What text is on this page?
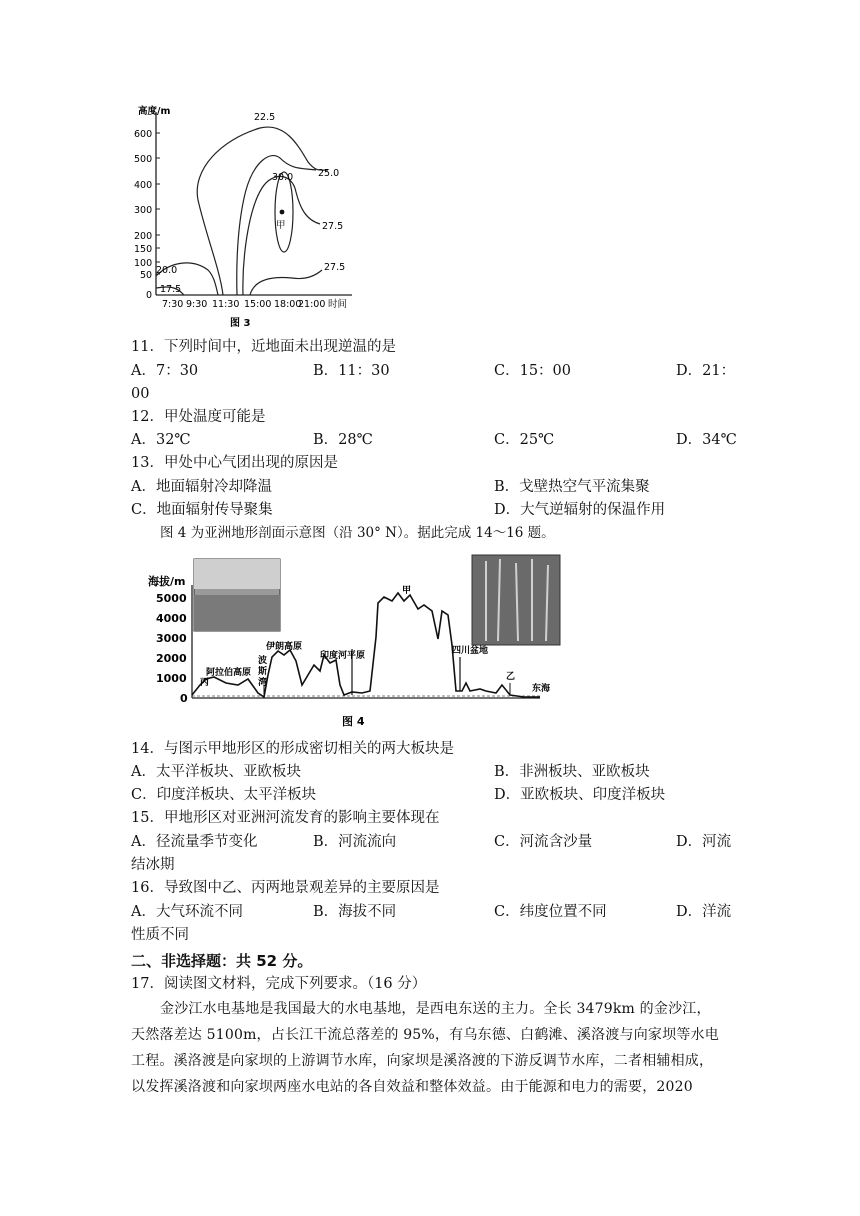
高度/m
600
500
400
300
200
150
100
50
0
7:30 9:30 11:30 15:00 18:00
21:00 时间
22.5
25.0
30.0
27.5
27.5
20.0
17.5
甲
图 3
11．下列时间中，近地面未出现逆温的是
A．7：30	B．11：30	C．15：00	D．21：
00
12．甲处温度可能是
A．32℃	B．28℃	C．25℃	D．34℃
13．甲处中心气团出现的原因是
A．地面辐射冷却降温	B．戈壁热空气平流集聚
C．地面辐射传导聚集	D．大气逆辐射的保温作用
图 4 为亚洲地形剖面示意图（沿 30° N）。据此完成 14～16 题。
海拔/m
5000
4000
3000
2000
1000
0
丙
阿拉伯高原
伊朗高原
波
斯
湾
印度河平原
甲
四川盆地
乙
东海
图 4
14．与图示甲地形区的形成密切相关的两大板块是
A．太平洋板块、亚欧板块	B．非洲板块、亚欧板块
C．印度洋板块、太平洋板块	D．亚欧板块、印度洋板块
15．甲地形区对亚洲河流发育的影响主要体现在
A．径流量季节变化	B．河流流向	C．河流含沙量	D．河流
结冰期
16．导致图中乙、丙两地景观差异的主要原因是
A．大气环流不同	B．海拔不同	C．纬度位置不同	D．洋流
性质不同
二、非选择题：共 52 分。
17．阅读图文材料，完成下列要求。（16 分）
金沙江水电基地是我国最大的水电基地，是西电东送的主力。全长 3479km 的金沙江，
天然落差达 5100m，占长江干流总落差的 95%，有乌东德、白鹤滩、溪洛渡与向家坝等水电
工程。溪洛渡是向家坝的上游调节水库，向家坝是溪洛渡的下游反调节水库，二者相辅相成，
以发挥溪洛渡和向家坝两座水电站的各自效益和整体效益。由于能源和电力的需要，2020
